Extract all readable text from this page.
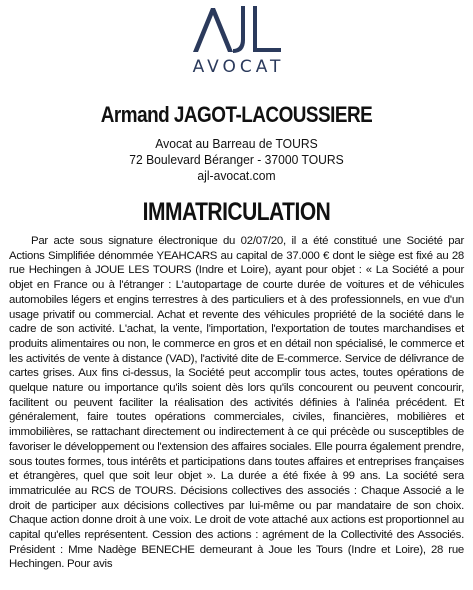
AVOCAT
Armand JAGOT-LACOUSSIERE
Avocat au Barreau de TOURS
72 Boulevard Béranger - 37000 TOURS
ajl-avocat.com
IMMATRICULATION

Par acte sous signature électronique du 02/07/20, il a été constitué une Société par Actions Simplifiée dénommée YEAHCARS au capital de 37.000 € dont le siège est fixé au 28 rue Hechingen à JOUE LES TOURS (Indre et Loire), ayant pour objet : « La Société a pour objet en France ou à l'étranger : L'autopartage de courte durée de voitures et de véhicules automobiles légers et engins terrestres à des particuliers et à des professionnels, en vue d'un usage privatif ou commercial. Achat et revente des véhicules propriété de la société dans le cadre de son activité. L'achat, la vente, l'importation, l'exportation de toutes marchandises et produits alimentaires ou non, le commerce en gros et en détail non spécialisé, le commerce et les activités de vente à distance (VAD), l'activité dite de E-commerce. Service de délivrance de cartes grises. Aux fins ci-dessus, la Société peut accomplir tous actes, toutes opérations de quelque nature ou importance qu'ils soient dès lors qu'ils concourent ou peuvent concourir, facilitent ou peuvent faciliter la réalisation des activités définies à l'alinéa précédent. Et généralement, faire toutes opérations commerciales, civiles, financières, mobilières et immobilières, se rattachant directement ou indirectement à ce qui précède ou susceptibles de favoriser le développement ou l'extension des affaires sociales. Elle pourra également prendre, sous toutes formes, tous intérêts et participations dans toutes affaires et entreprises françaises et étrangères, quel que soit leur objet ». La durée a été fixée à 99 ans. La société sera immatriculée au RCS de TOURS. Décisions collectives des associés : Chaque Associé a le droit de participer aux décisions collectives par lui-même ou par mandataire de son choix. Chaque action donne droit à une voix. Le droit de vote attaché aux actions est proportionnel au capital qu'elles représentent. Cession des actions : agrément de la Collectivité des Associés. Président : Mme Nadège BENECHE demeurant à Joue les Tours (Indre et Loire), 28 rue Hechingen. Pour avis
